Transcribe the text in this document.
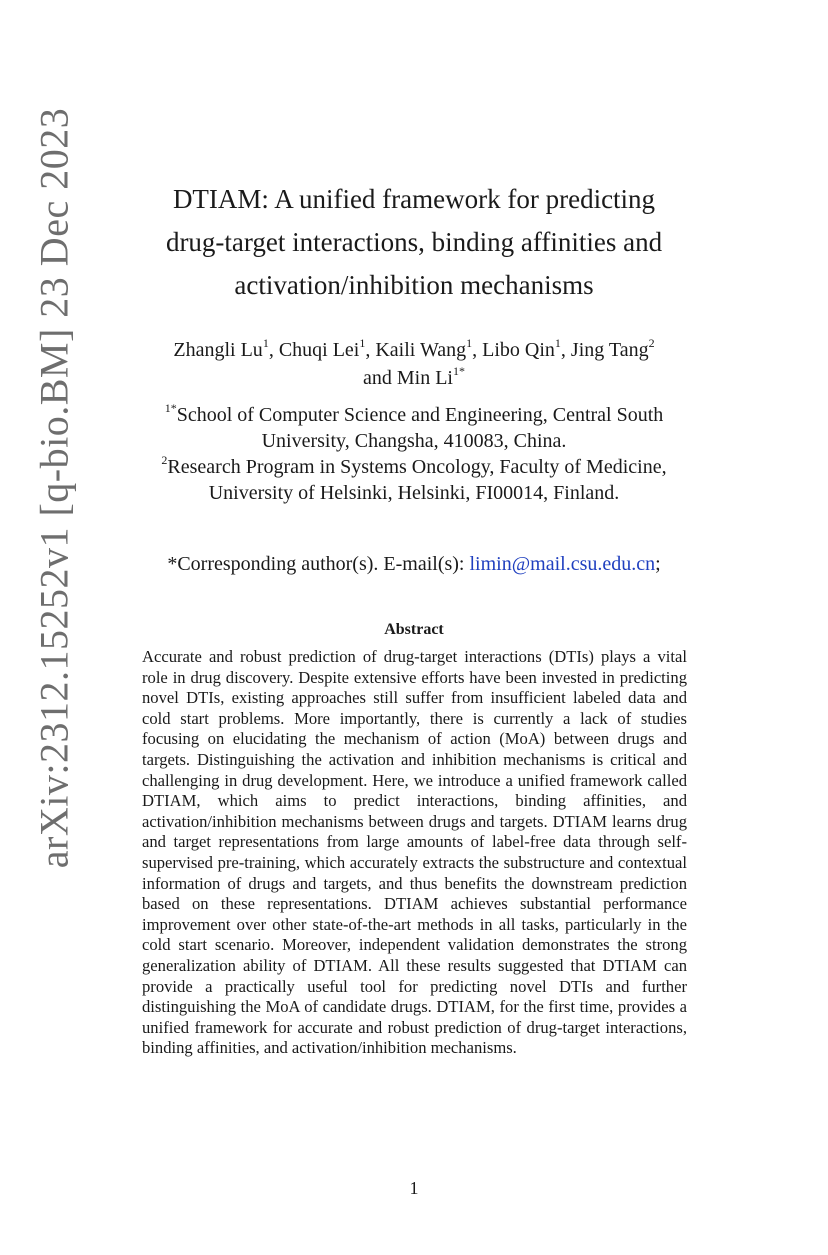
arXiv:2312.15252v1 [q-bio.BM] 23 Dec 2023	DTIAM: A unified framework for predicting
drug-target interactions, binding affinities and
activation/inhibition mechanisms
Zhangli Lu$^1$, Chuqi Lei$^1$, Kaili Wang$^1$, Libo Qin$^1$, Jing Tang$^2$
and Min $Li^{1*}$
$^{1*}$School of Computer Science and Engineering, Central South
University, Changsha, 410083, China.
$^2$Research Program in Systems Oncology, Faculty of Medicine,
University of Helsinki, Helsinki, FI00014, Finland.
*Corresponding author(s). E-mail(s): limin@mail.csu.edu.cn;
Abstract
Accurate and robust prediction of drug-target interactions (DTIs) plays a vital role in drug discovery. Despite extensive efforts have been invested in predicting novel DTIs, existing approaches still suffer from insufficient labeled data and cold start problems. More importantly, there is currently a lack of studies focusing on elucidating the mechanism of action (MoA) between drugs and targets. Distinguishing the activation and inhibition mechanisms is critical and challenging in drug development. Here, we introduce a unified framework called DTIAM, which aims to predict interactions, binding affinities, and activation/inhibition mechanisms between drugs and targets. DTIAM learns drug and target representations from large amounts of label-free data through self-supervised pre-training, which accurately extracts the substructure and contextual information of drugs and targets, and thus benefits the downstream prediction based on these representations. DTIAM achieves substantial performance improvement over other state-of-the-art methods in all tasks, particularly in the cold start scenario. Moreover, independent validation demonstrates the strong generalization ability of DTIAM. All these results suggested that DTIAM can provide a practically useful tool for predicting novel DTIs and further distinguishing the MoA of candidate drugs. DTIAM, for the first time, provides a unified framework for accurate and robust prediction of drug-target interactions, binding affinities, and activation/inhibition mechanisms.
1
